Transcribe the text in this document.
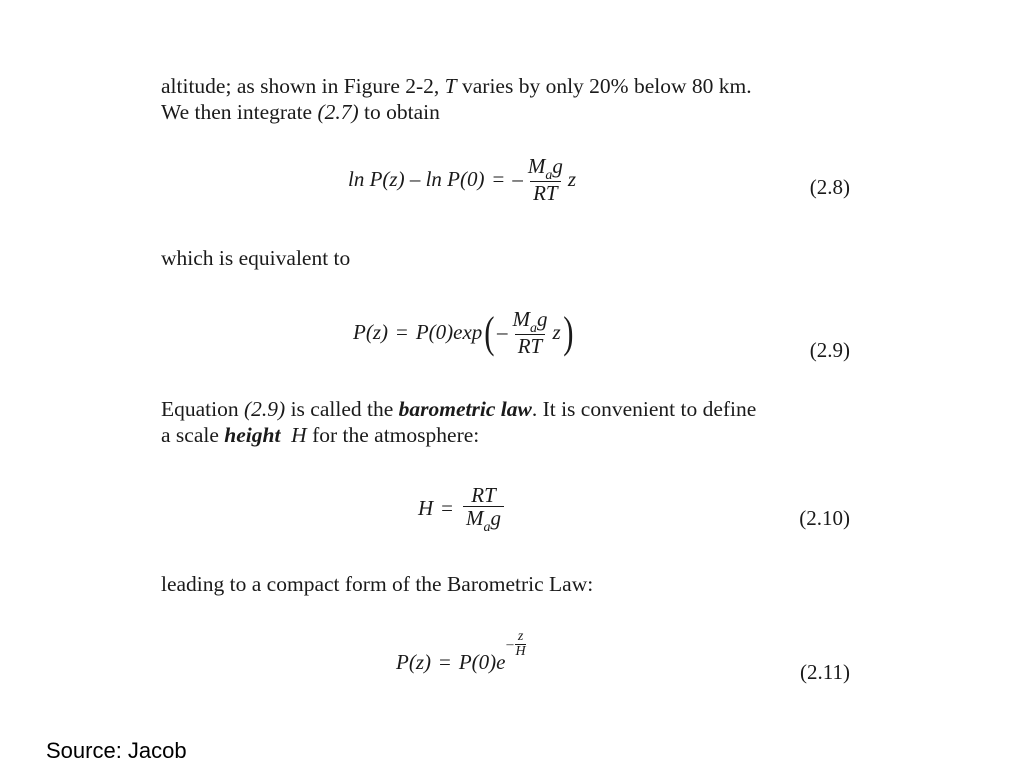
altitude; as shown in Figure 2-2, T varies by only 20% below 80 km.
We then integrate (2.7) to obtain
ln P(z) – ln P(0) = – $\frac{M_ag}{RT}$ z	(2.8)
which is equivalent to
P(z) = P(0)exp ( – $\frac{M_ag}{RT}$ z )	(2.9)
Equation (2.9) is called the barometric law. It is convenient to define
a scale height H for the atmosphere:
$H = \frac{RT}{M_ag}$	(2.10)
leading to a compact form of the Barometric Law:
P(z) = P(0)e
– $\frac{z}{H}$
(2.11)
Source: Jacob
